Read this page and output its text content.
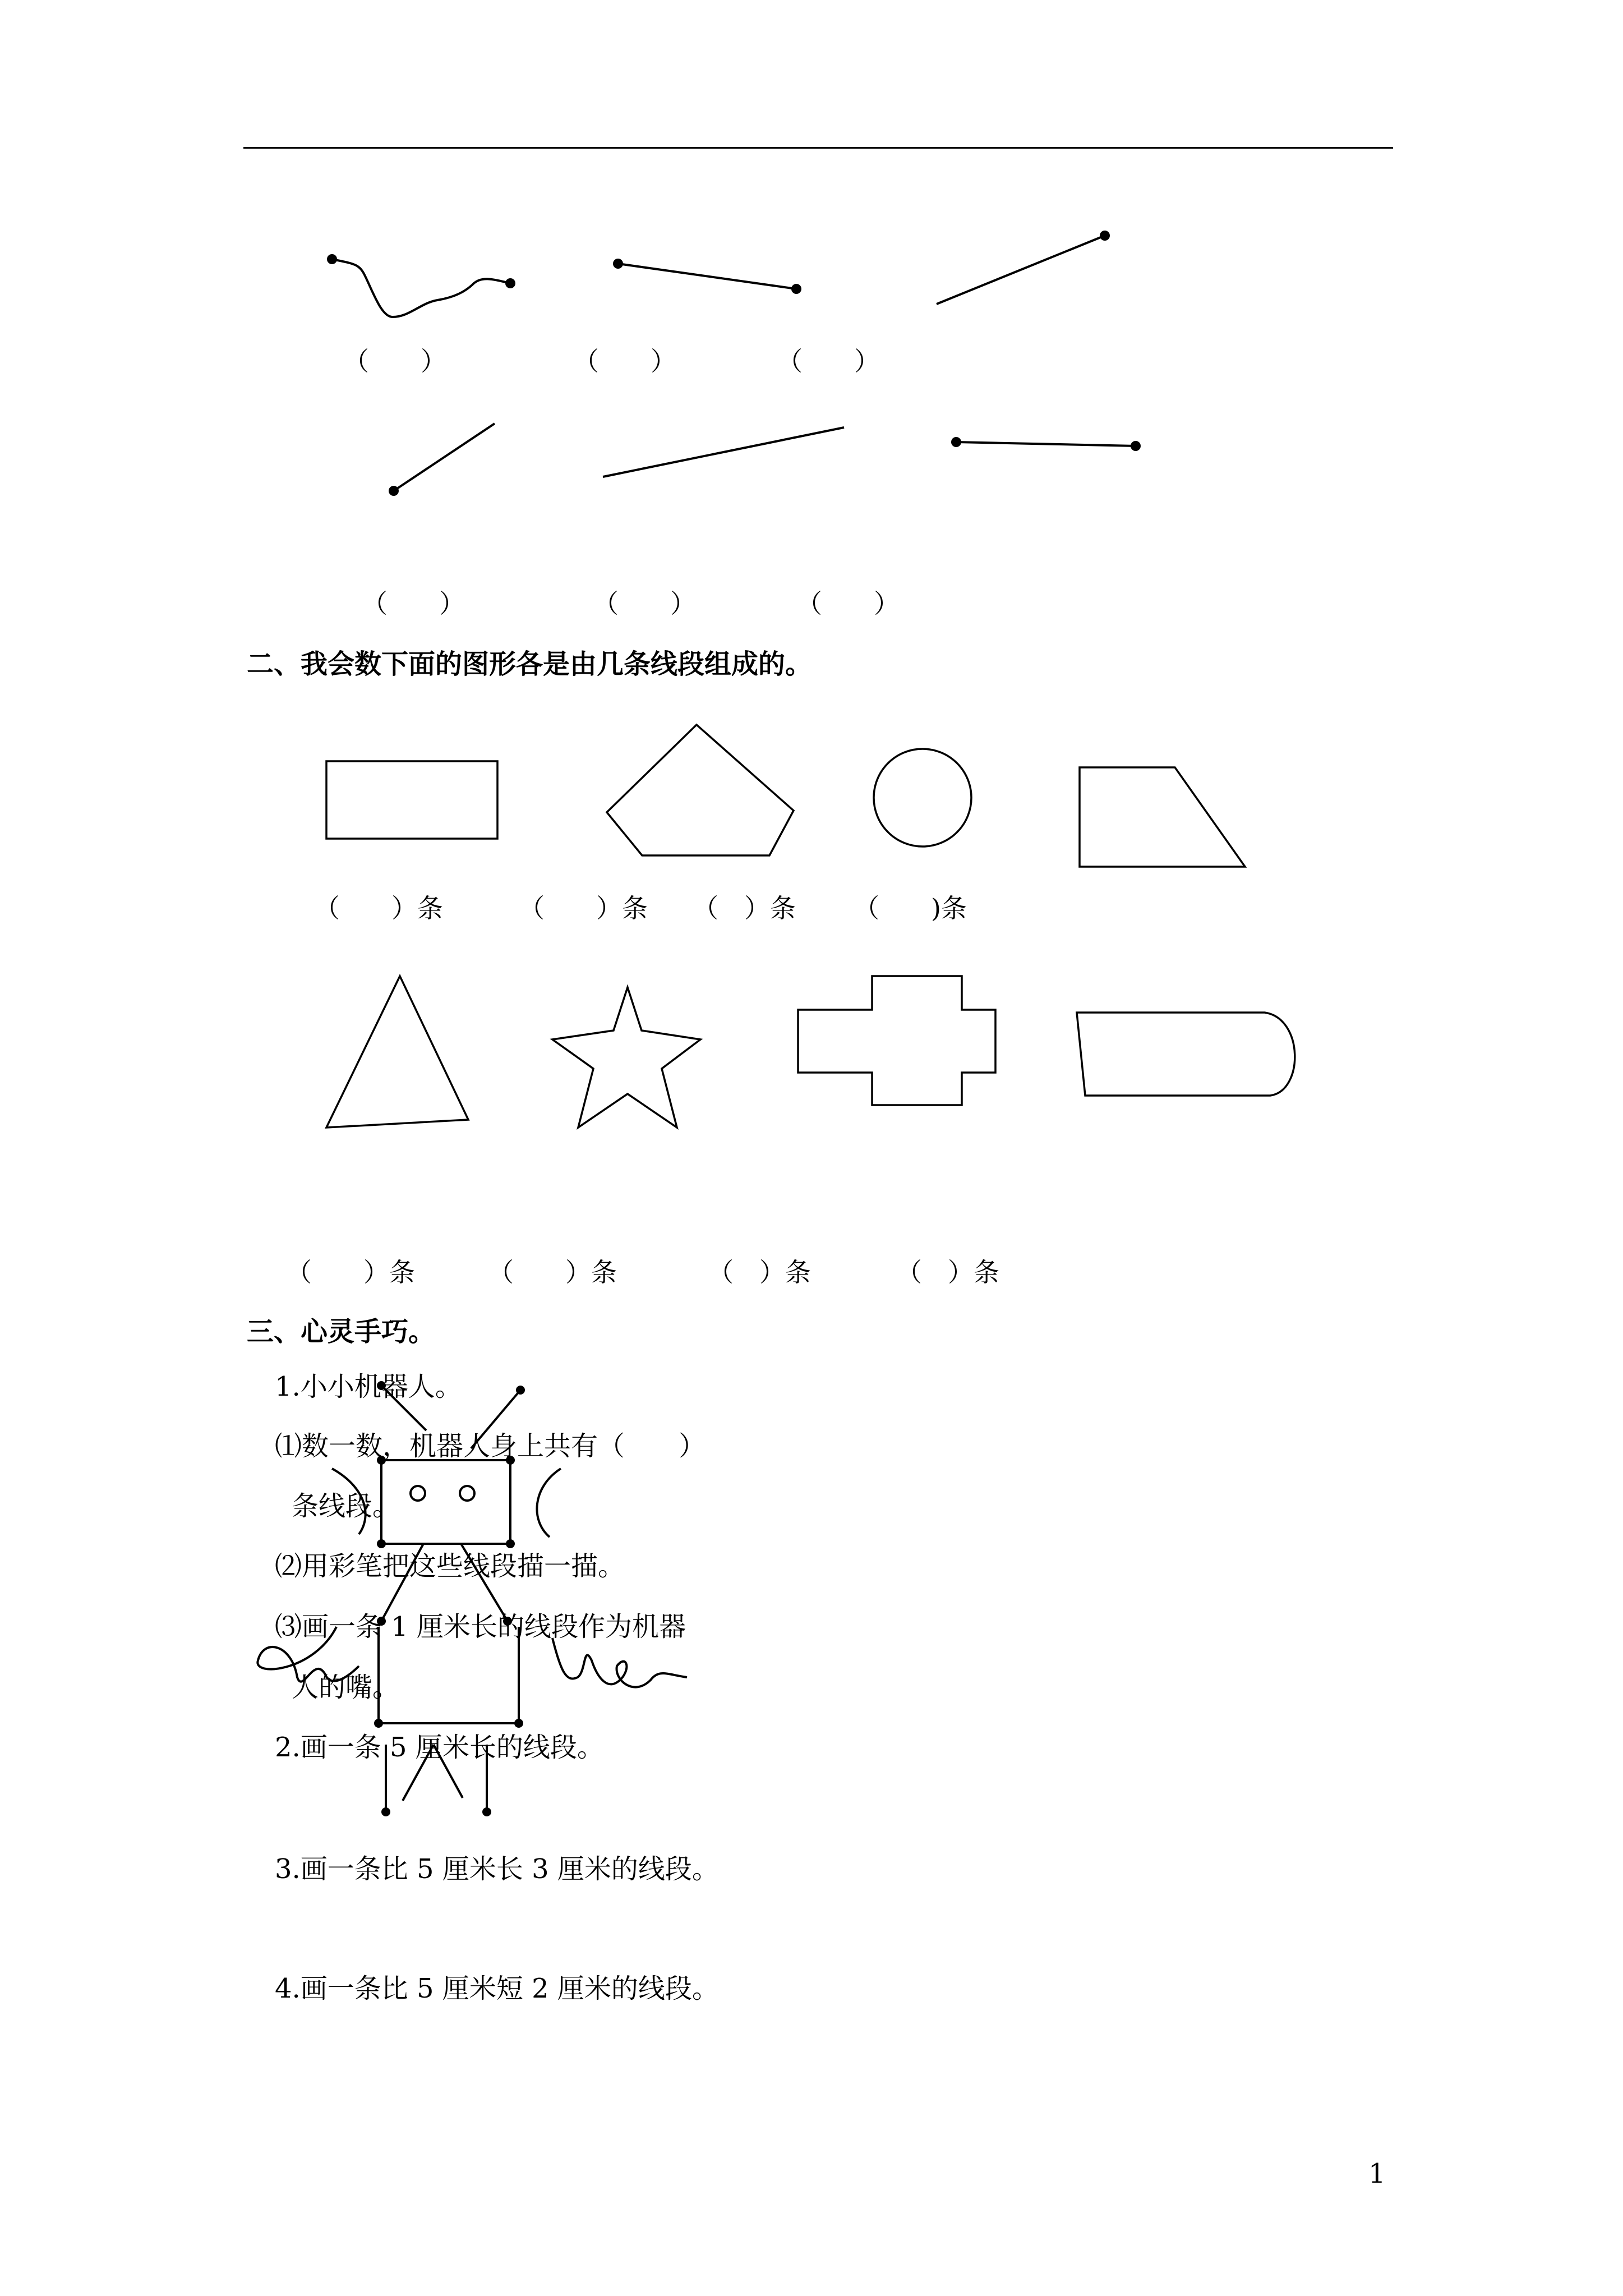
（　　）	（　　）	（　　）
（　　）	（　　）	（　　）
二、我会数下面的图形各是由几条线段组成的。
（　　）条	（　　）条 （　）条 （　　)条
（　　）条	（　　）条	（　）条	（　）条
三、心灵手巧。
1.小小机器人。
⑴数一数，机器人身上共有（　　）
条线段。
⑵用彩笔把这些线段描一描。
⑶画一条 1 厘米长的线段作为机器
人的嘴。
2.画一条 5 厘米长的线段。
3.画一条比 5 厘米长 3 厘米的线段。
4.画一条比 5 厘米短 2 厘米的线段。
1
